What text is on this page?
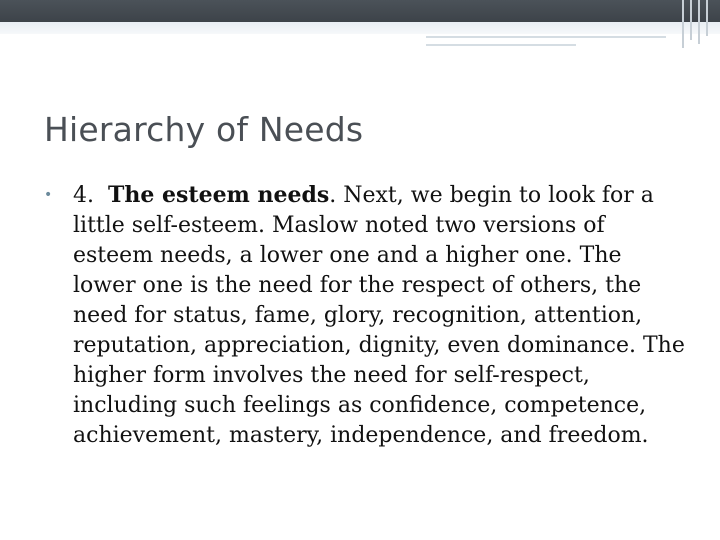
Hierarchy of Needs
• 4. The esteem needs. Next, we begin to look for a little self-esteem. Maslow noted two versions of esteem needs, a lower one and a higher one. The lower one is the need for the respect of others, the need for status, fame, glory, recognition, attention, reputation, appreciation, dignity, even dominance. The higher form involves the need for self-respect, including such feelings as confidence, competence, achievement, mastery, independence, and freedom.
